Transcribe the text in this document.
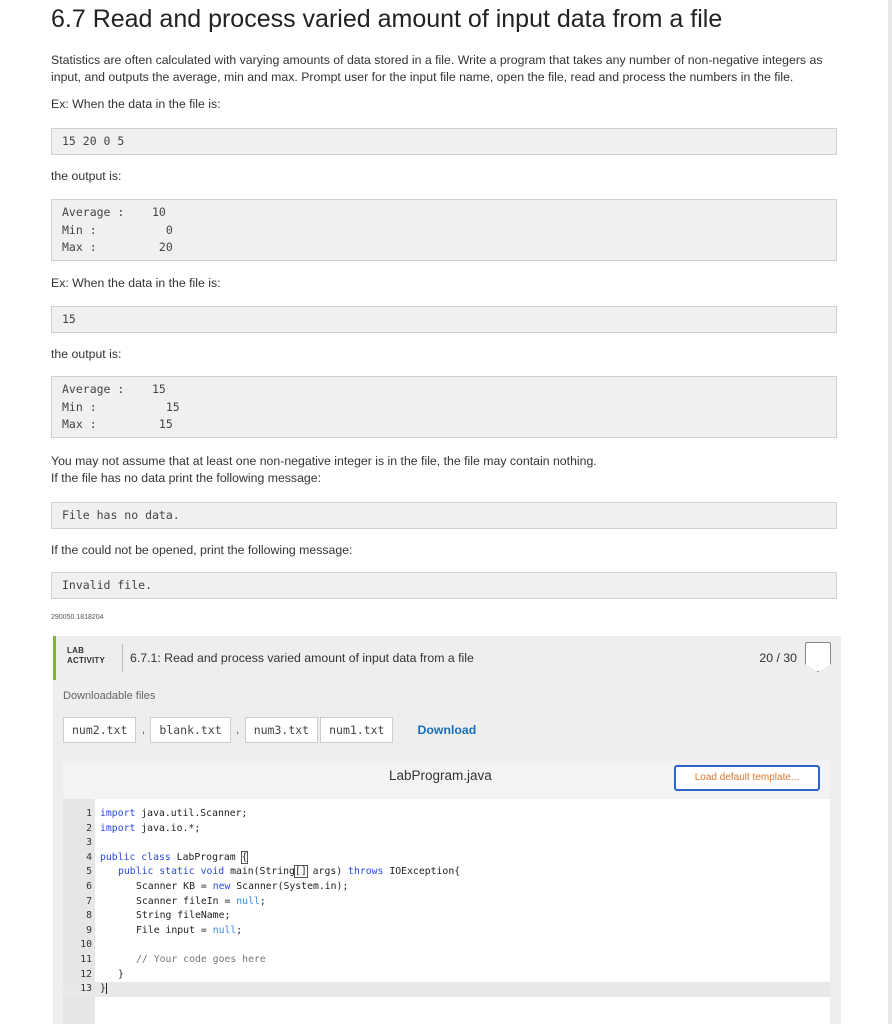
6.7 Read and process varied amount of input data from a file
Statistics are often calculated with varying amounts of data stored in a file. Write a program that takes any number of non-negative integers as input, and outputs the average, min and max. Prompt user for the input file name, open the file, read and process the numbers in the file.
Ex: When the data in the file is:
15 20 0 5
the output is:
Average :    10
Min :          0
Max :         20
Ex: When the data in the file is:
15
the output is:
Average :    15
Min :          15
Max :         15
You may not assume that at least one non-negative integer is in the file, the file may contain nothing.
If the file has no data print the following message:
File has no data.
If the could not be opened, print the following message:
Invalid file.
290050.1818204
LAB
ACTIVITY 6.7.1: Read and process varied amount of input data from a file	20 / 30
Downloadable files
num2.txt	,	blank.txt	,	num3.txt	num1.txt	Download
LabProgram.java	Load default template...
1 import java.util.Scanner;
2 import java.io.*;
3
4 public class LabProgram {
5	public static void main(String[] args) throws IOException{
6	Scanner KB = new Scanner(System.in);
7	Scanner fileIn = null;
8	String fileName;
9	File input = null;
10
11	// Your code goes here
12	}
13 }
